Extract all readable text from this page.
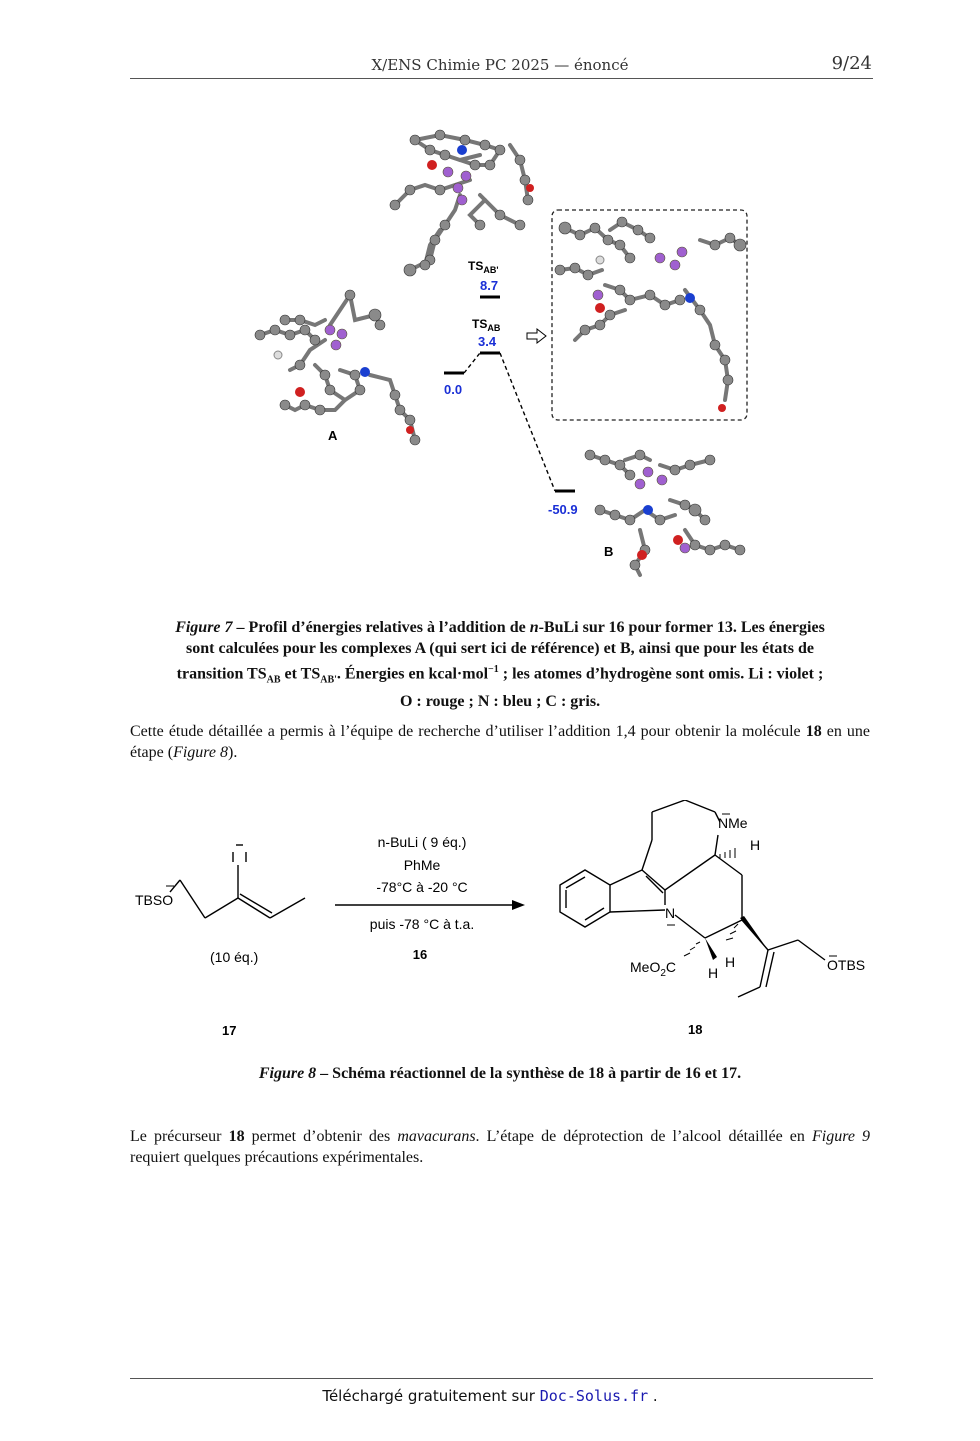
X/ENS Chimie PC 2025 — énoncé	9/24
A
$TS_{AB'}$
8.7
$TS_{AB}$
3.4
0.0
-50.9
B
Figure 7 – Profil d’énergies relatives à l’addition de n-BuLi sur 16 pour former 13. Les énergies
sont calculées pour les complexes A (qui sert ici de référence) et B, ainsi que pour les états de
transition $TS_{AB}$ et $TS_{AB'}$. Énergies en kcal·mol$^{-1}$ ; les atomes d’hydrogène sont omis. Li : violet ;
O : rouge ; N : bleu ; C : gris.
Cette étude détaillée a permis à l’équipe de recherche d’utiliser l’addition 1,4 pour obtenir la molécule 18 en une étape (Figure 8).
TBSO
(10 éq.)
17
n-BuLi ( 9 éq.)
PhMe
-78°C à -20 °C
puis -78 °C à t.a.
16
NMe
H
N
MeO$_2$C H
H	OTBS
18
Figure 8 – Schéma réactionnel de la synthèse de 18 à partir de 16 et 17.
Le précurseur 18 permet d’obtenir des mavacurans. L’étape de déprotection de l’alcool détaillée en Figure 9 requiert quelques précautions expérimentales.
Téléchargé gratuitement sur Doc-Solus.fr .
